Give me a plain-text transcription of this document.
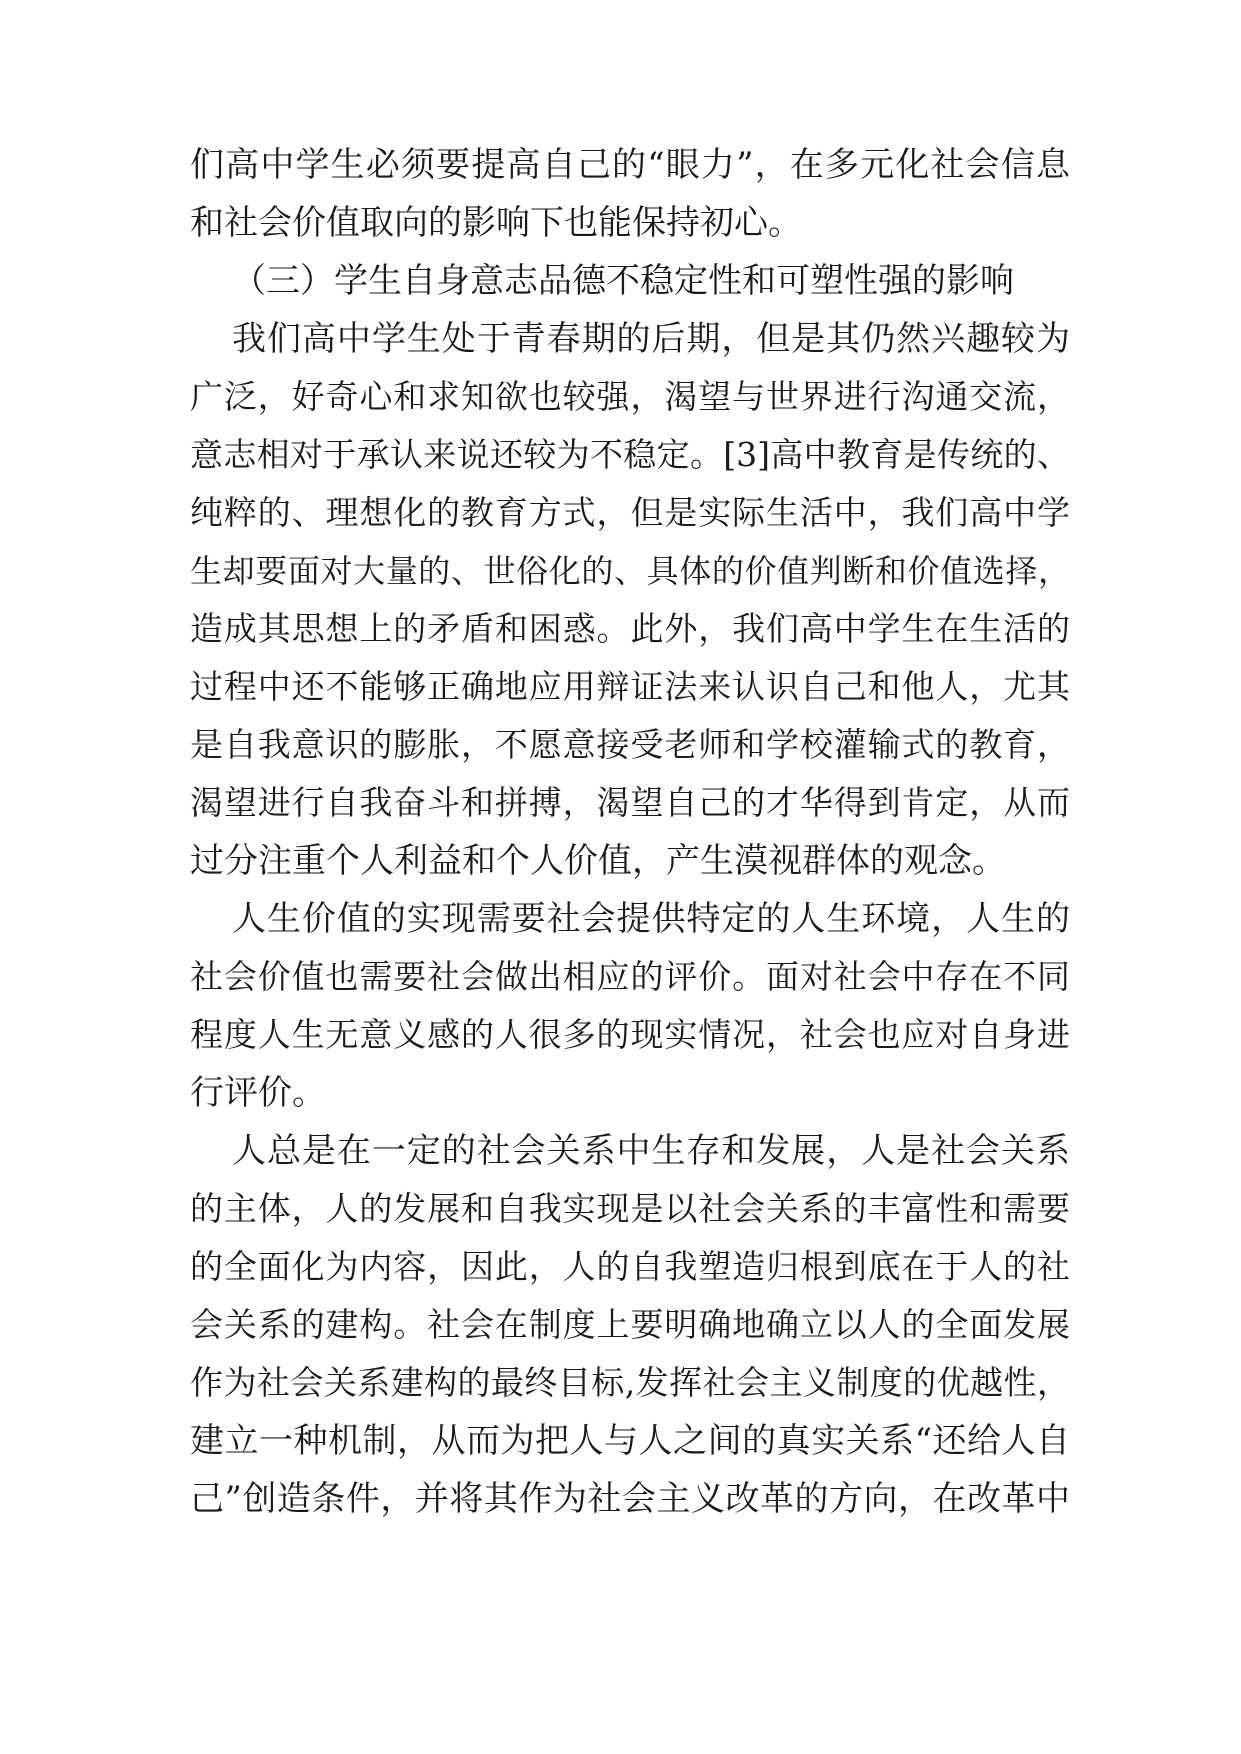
们高中学生必须要提高自己的“眼力”，在多元化社会信息
和社会价值取向的影响下也能保持初心。
（三）学生自身意志品德不稳定性和可塑性强的影响
我们高中学生处于青春期的后期，但是其仍然兴趣较为
广泛，好奇心和求知欲也较强，渴望与世界进行沟通交流，
意志相对于承认来说还较为不稳定。[3]高中教育是传统的、
纯粹的、理想化的教育方式，但是实际生活中，我们高中学
生却要面对大量的、世俗化的、具体的价值判断和价值选择，
造成其思想上的矛盾和困惑。此外，我们高中学生在生活的
过程中还不能够正确地应用辩证法来认识自己和他人，尤其
是自我意识的膨胀，不愿意接受老师和学校灌输式的教育，
渴望进行自我奋斗和拼搏，渴望自己的才华得到肯定，从而
过分注重个人利益和个人价值，产生漠视群体的观念。
人生价值的实现需要社会提供特定的人生环境，人生的
社会价值也需要社会做出相应的评价。面对社会中存在不同
程度人生无意义感的人很多的现实情况，社会也应对自身进
行评价。
人总是在一定的社会关系中生存和发展，人是社会关系
的主体，人的发展和自我实现是以社会关系的丰富性和需要
的全面化为内容，因此，人的自我塑造归根到底在于人的社
会关系的建构。社会在制度上要明确地确立以人的全面发展
作为社会关系建构的最终目标,发挥社会主义制度的优越性，
建立一种机制，从而为把人与人之间的真实关系“还给人自
己”创造条件，并将其作为社会主义改革的方向，在改革中
